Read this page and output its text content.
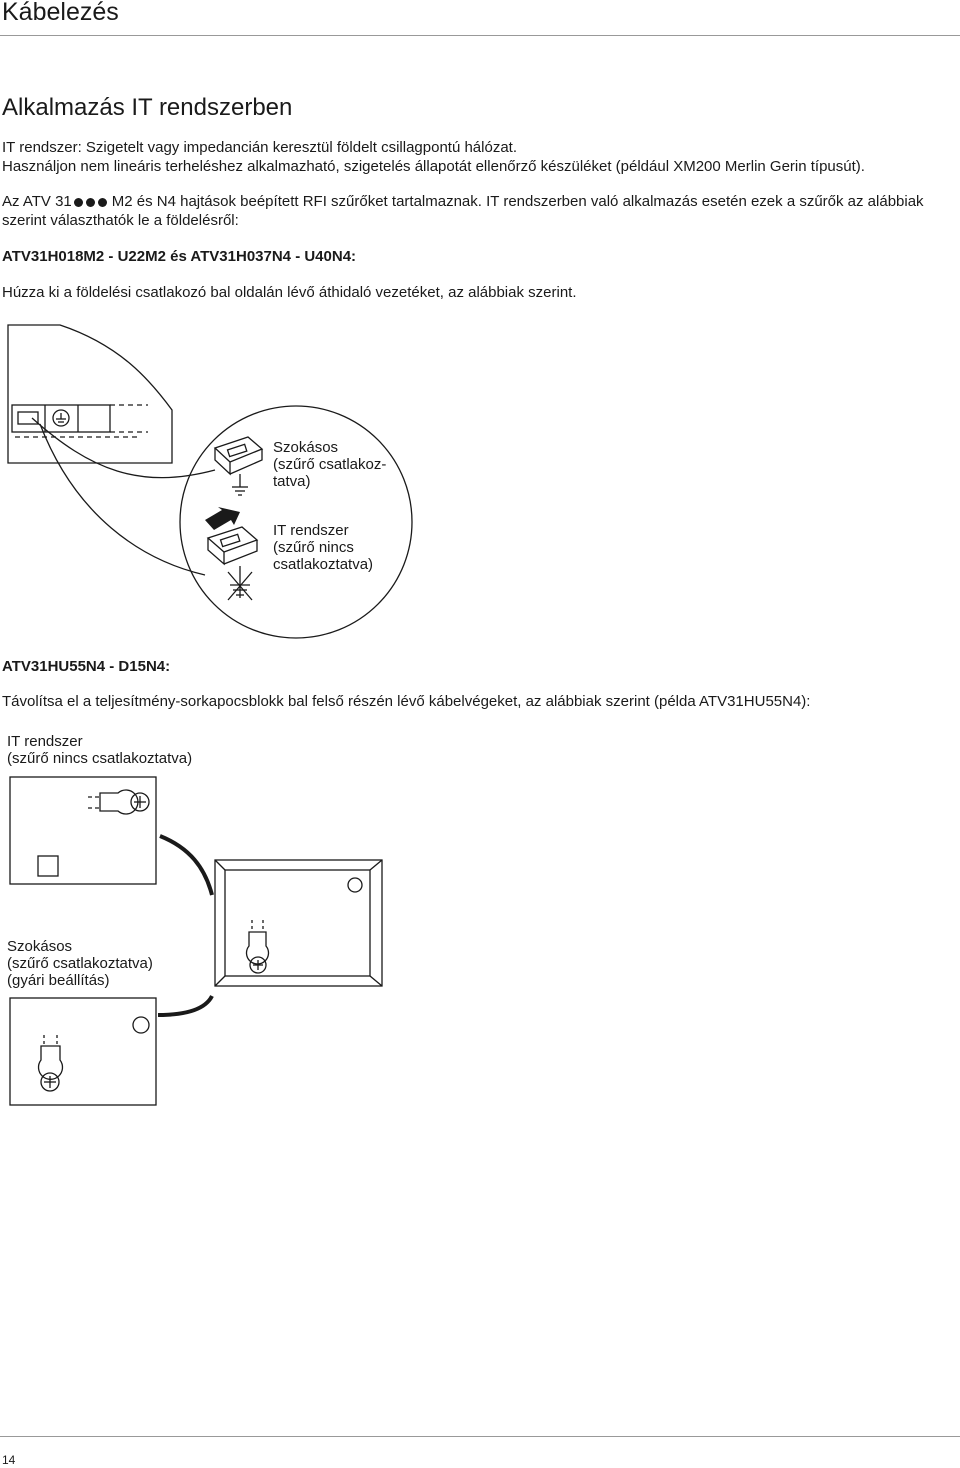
Kábelezés
Alkalmazás IT rendszerben
IT rendszer: Szigetelt vagy impedancián keresztül földelt csillagpontú hálózat.
Használjon nem lineáris terheléshez alkalmazható, szigetelés állapotát ellenőrző készüléket (például XM200 Merlin Gerin típusút).
Az ATV 31	M2 és N4 hajtások beépített RFI szűrőket tartalmaznak. IT rendszerben való alkalmazás esetén ezek a szűrők az alábbiak
szerint választhatók le a földelésről:
ATV31H018M2 - U22M2 és ATV31H037N4 - U40N4:
Húzza ki a földelési csatlakozó bal oldalán lévő áthidaló vezetéket, az alábbiak szerint.
Szokásos
(szűrő csatlakoz-
tatva)
IT rendszer
(szűrő nincs
csatlakoztatva)
ATV31HU55N4 - D15N4:
Távolítsa el a teljesítmény-sorkapocsblokk bal felső részén lévő kábelvégeket, az alábbiak szerint (példa ATV31HU55N4):
IT rendszer
(szűrő nincs csatlakoztatva)
Szokásos
(szűrő csatlakoztatva)
(gyári beállítás)
14
